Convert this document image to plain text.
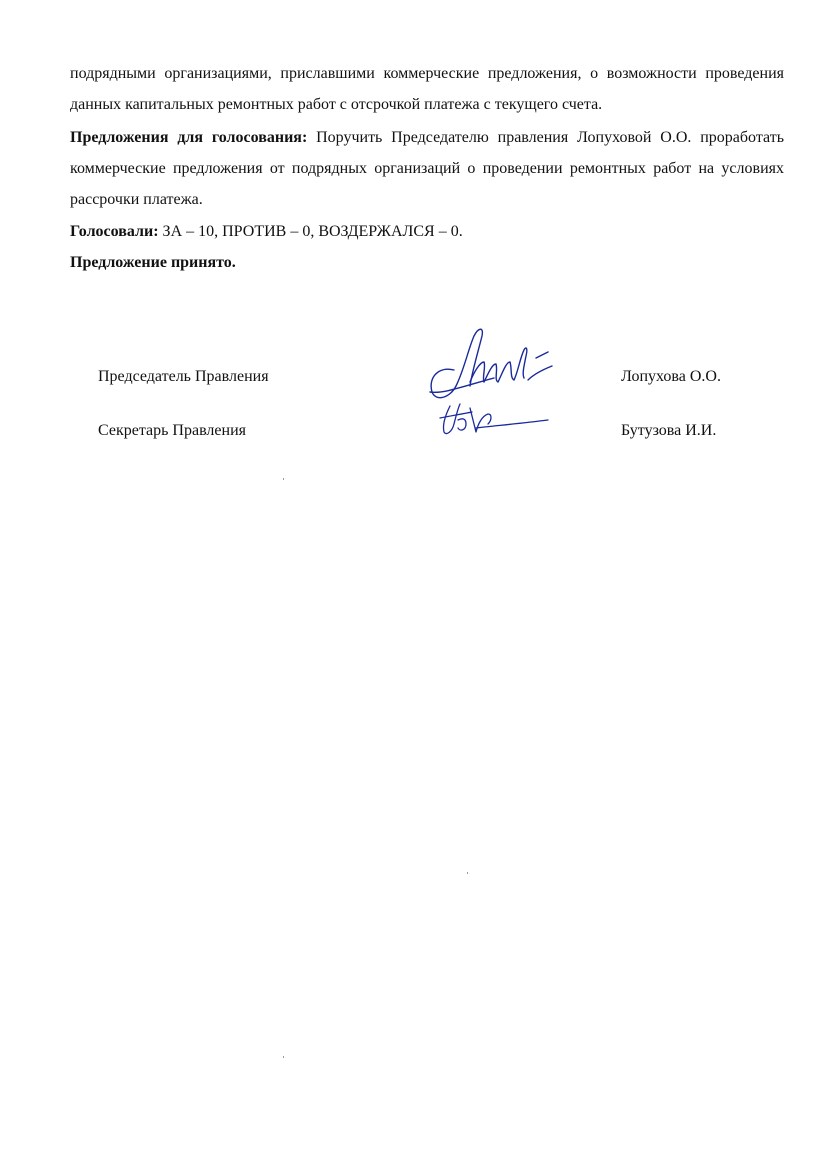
подрядными организациями, приславшими коммерческие предложения, о возможности проведения данных капитальных ремонтных работ с отсрочкой платежа с текущего счета.

Предложения для голосования: Поручить Председателю правления Лопуховой О.О. проработать коммерческие предложения от подрядных организаций о проведении ремонтных работ на условиях рассрочки платежа.

Голосовали: ЗА – 10, ПРОТИВ – 0, ВОЗДЕРЖАЛСЯ – 0.

Предложение принято.

Председатель Правления	Лопухова О.О.
Секретарь Правления	Бутузова И.И.
